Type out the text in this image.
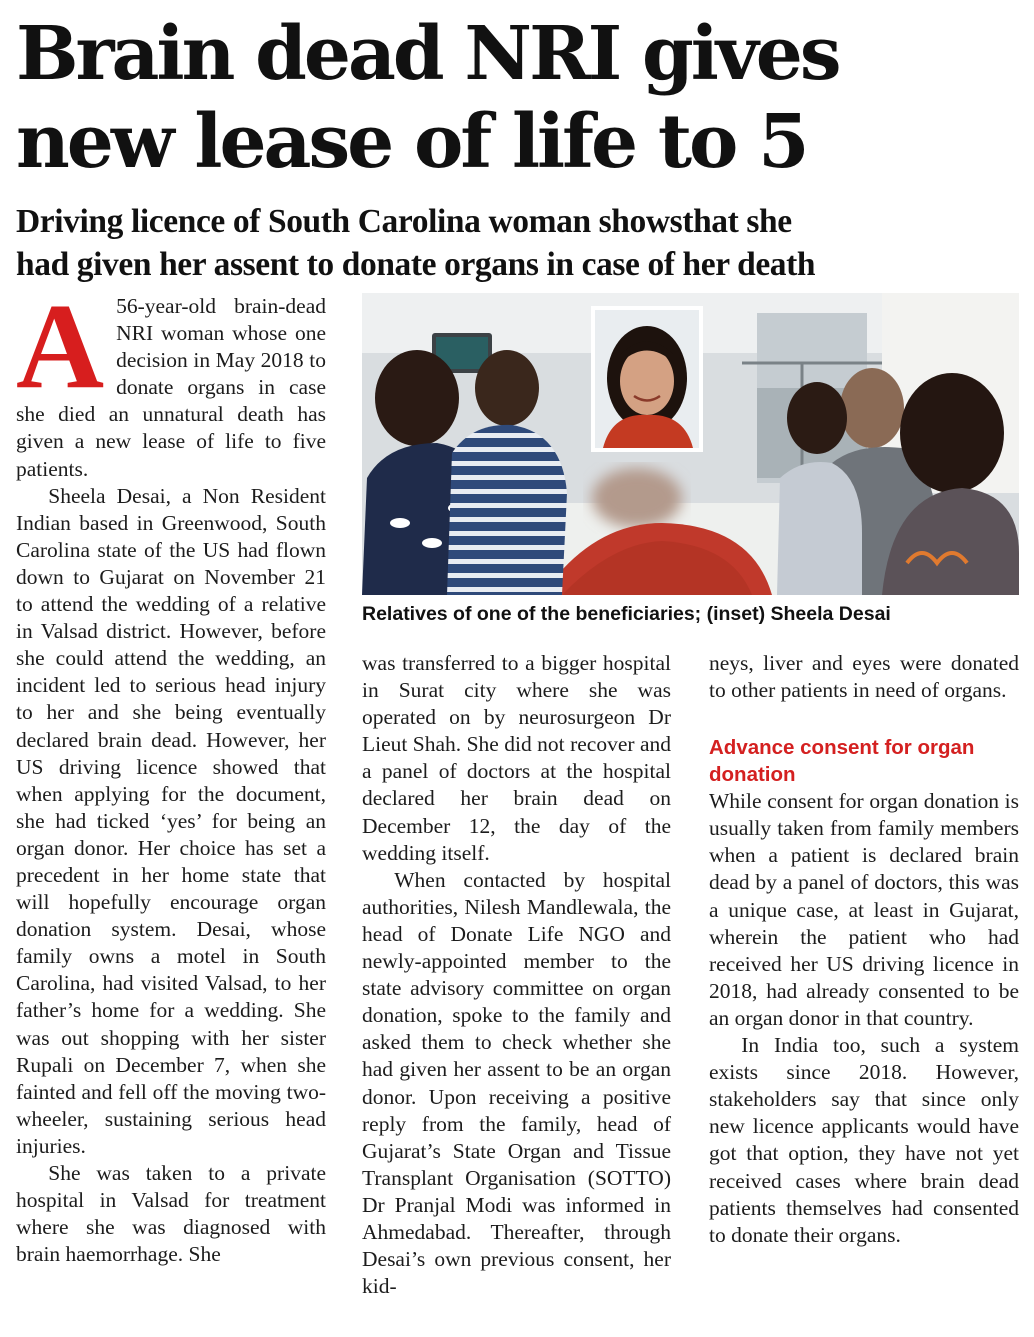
Brain dead NRI gives
new lease of life to 5
Driving licence of South Carolina woman showsthat she
had given her assent to donate organs in case of her death

A 56-year-old brain-dead NRI woman whose one decision in May 2018 to donate organs in case she died an unnatural death has given a new lease of life to five patients.

Sheela Desai, a Non Resident Indian based in Greenwood, South Carolina state of the US had flown down to Gujarat on November 21 to attend the wedding of a relative in Valsad district. However, before she could attend the wedding, an incident led to serious head injury to her and she being eventually declared brain dead. However, her US driving licence showed that when applying for the document, she had ticked ‘yes’ for being an organ donor. Her choice has set a precedent in her home state that will hopefully encourage organ donation system. Desai, whose family owns a motel in South Carolina, had visited Valsad, to her father’s home for a wedding. She was out shopping with her sister Rupali on December 7, when she fainted and fell off the moving two-wheeler, sustaining serious head injuries.

She was taken to a private hospital in Valsad for treatment where she was diagnosed with brain haemorrhage. She

Relatives of one of the beneficiaries; (inset) Sheela Desai

was transferred to a bigger hospital in Surat city where she was operated on by neurosurgeon Dr Lieut Shah. She did not recover and a panel of doctors at the hospital declared her brain dead on December 12, the day of the wedding itself.

When contacted by hospital authorities, Nilesh Mandlewala, the head of Donate Life NGO and newly-appointed member to the state advisory committee on organ donation, spoke to the family and asked them to check whether she had given her assent to be an organ donor. Upon receiving a positive reply from the family, head of Gujarat’s State Organ and Tissue Transplant Organisation (SOTTO) Dr Pranjal Modi was informed in Ahmedabad. Thereafter, through Desai’s own previous consent, her kid-

neys, liver and eyes were donated to other patients in need of organs.

Advance consent for organ donation

While consent for organ donation is usually taken from family members when a patient is declared brain dead by a panel of doctors, this was a unique case, at least in Gujarat, wherein the patient who had received her US driving licence in 2018, had already consented to be an organ donor in that country.

In India too, such a system exists since 2018. However, stakeholders say that since only new licence applicants would have got that option, they have not yet received cases where brain dead patients themselves had consented to donate their organs.
